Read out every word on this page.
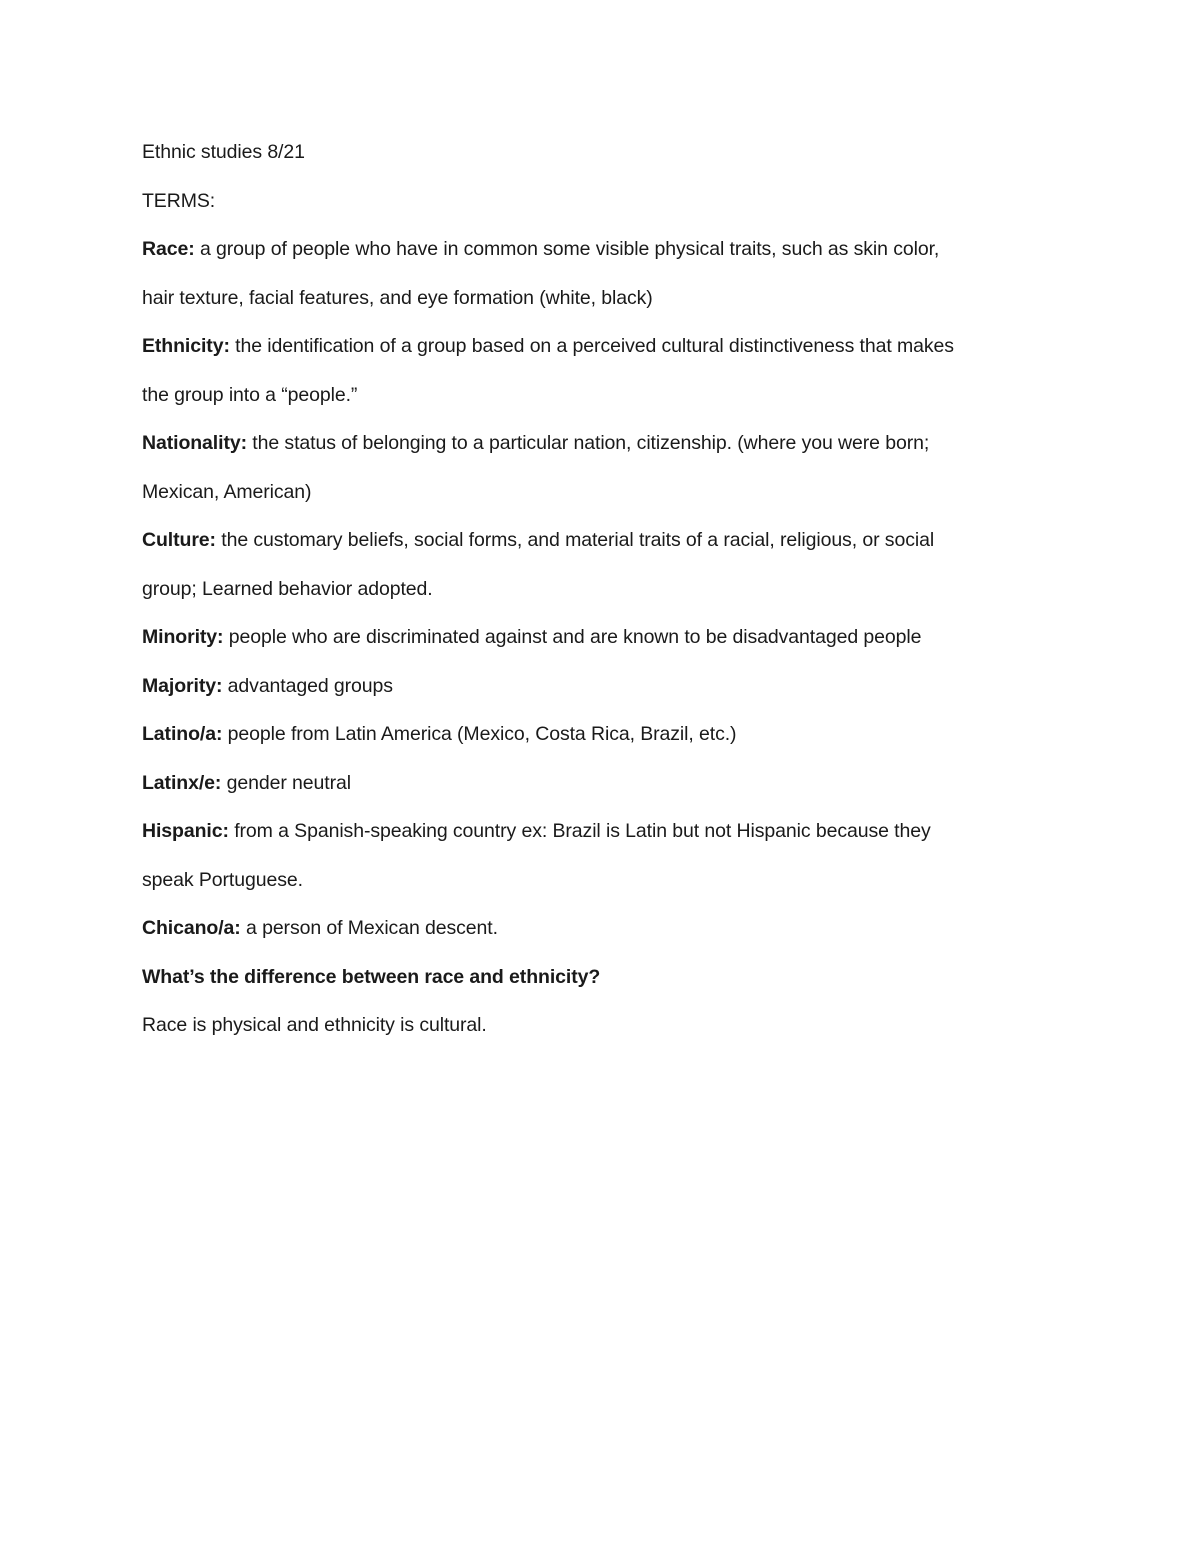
Ethnic studies 8/21
TERMS:
Race: a group of people who have in common some visible physical traits, such as skin color,
hair texture, facial features, and eye formation (white, black)
Ethnicity: the identification of a group based on a perceived cultural distinctiveness that makes
the group into a “people.”
Nationality: the status of belonging to a particular nation, citizenship. (where you were born;
Mexican, American)
Culture: the customary beliefs, social forms, and material traits of a racial, religious, or social
group; Learned behavior adopted.
Minority: people who are discriminated against and are known to be disadvantaged people
Majority: advantaged groups
Latino/a: people from Latin America (Mexico, Costa Rica, Brazil, etc.)
Latinx/e: gender neutral
Hispanic: from a Spanish-speaking country ex: Brazil is Latin but not Hispanic because they
speak Portuguese.
Chicano/a: a person of Mexican descent.
What’s the difference between race and ethnicity?
Race is physical and ethnicity is cultural.
